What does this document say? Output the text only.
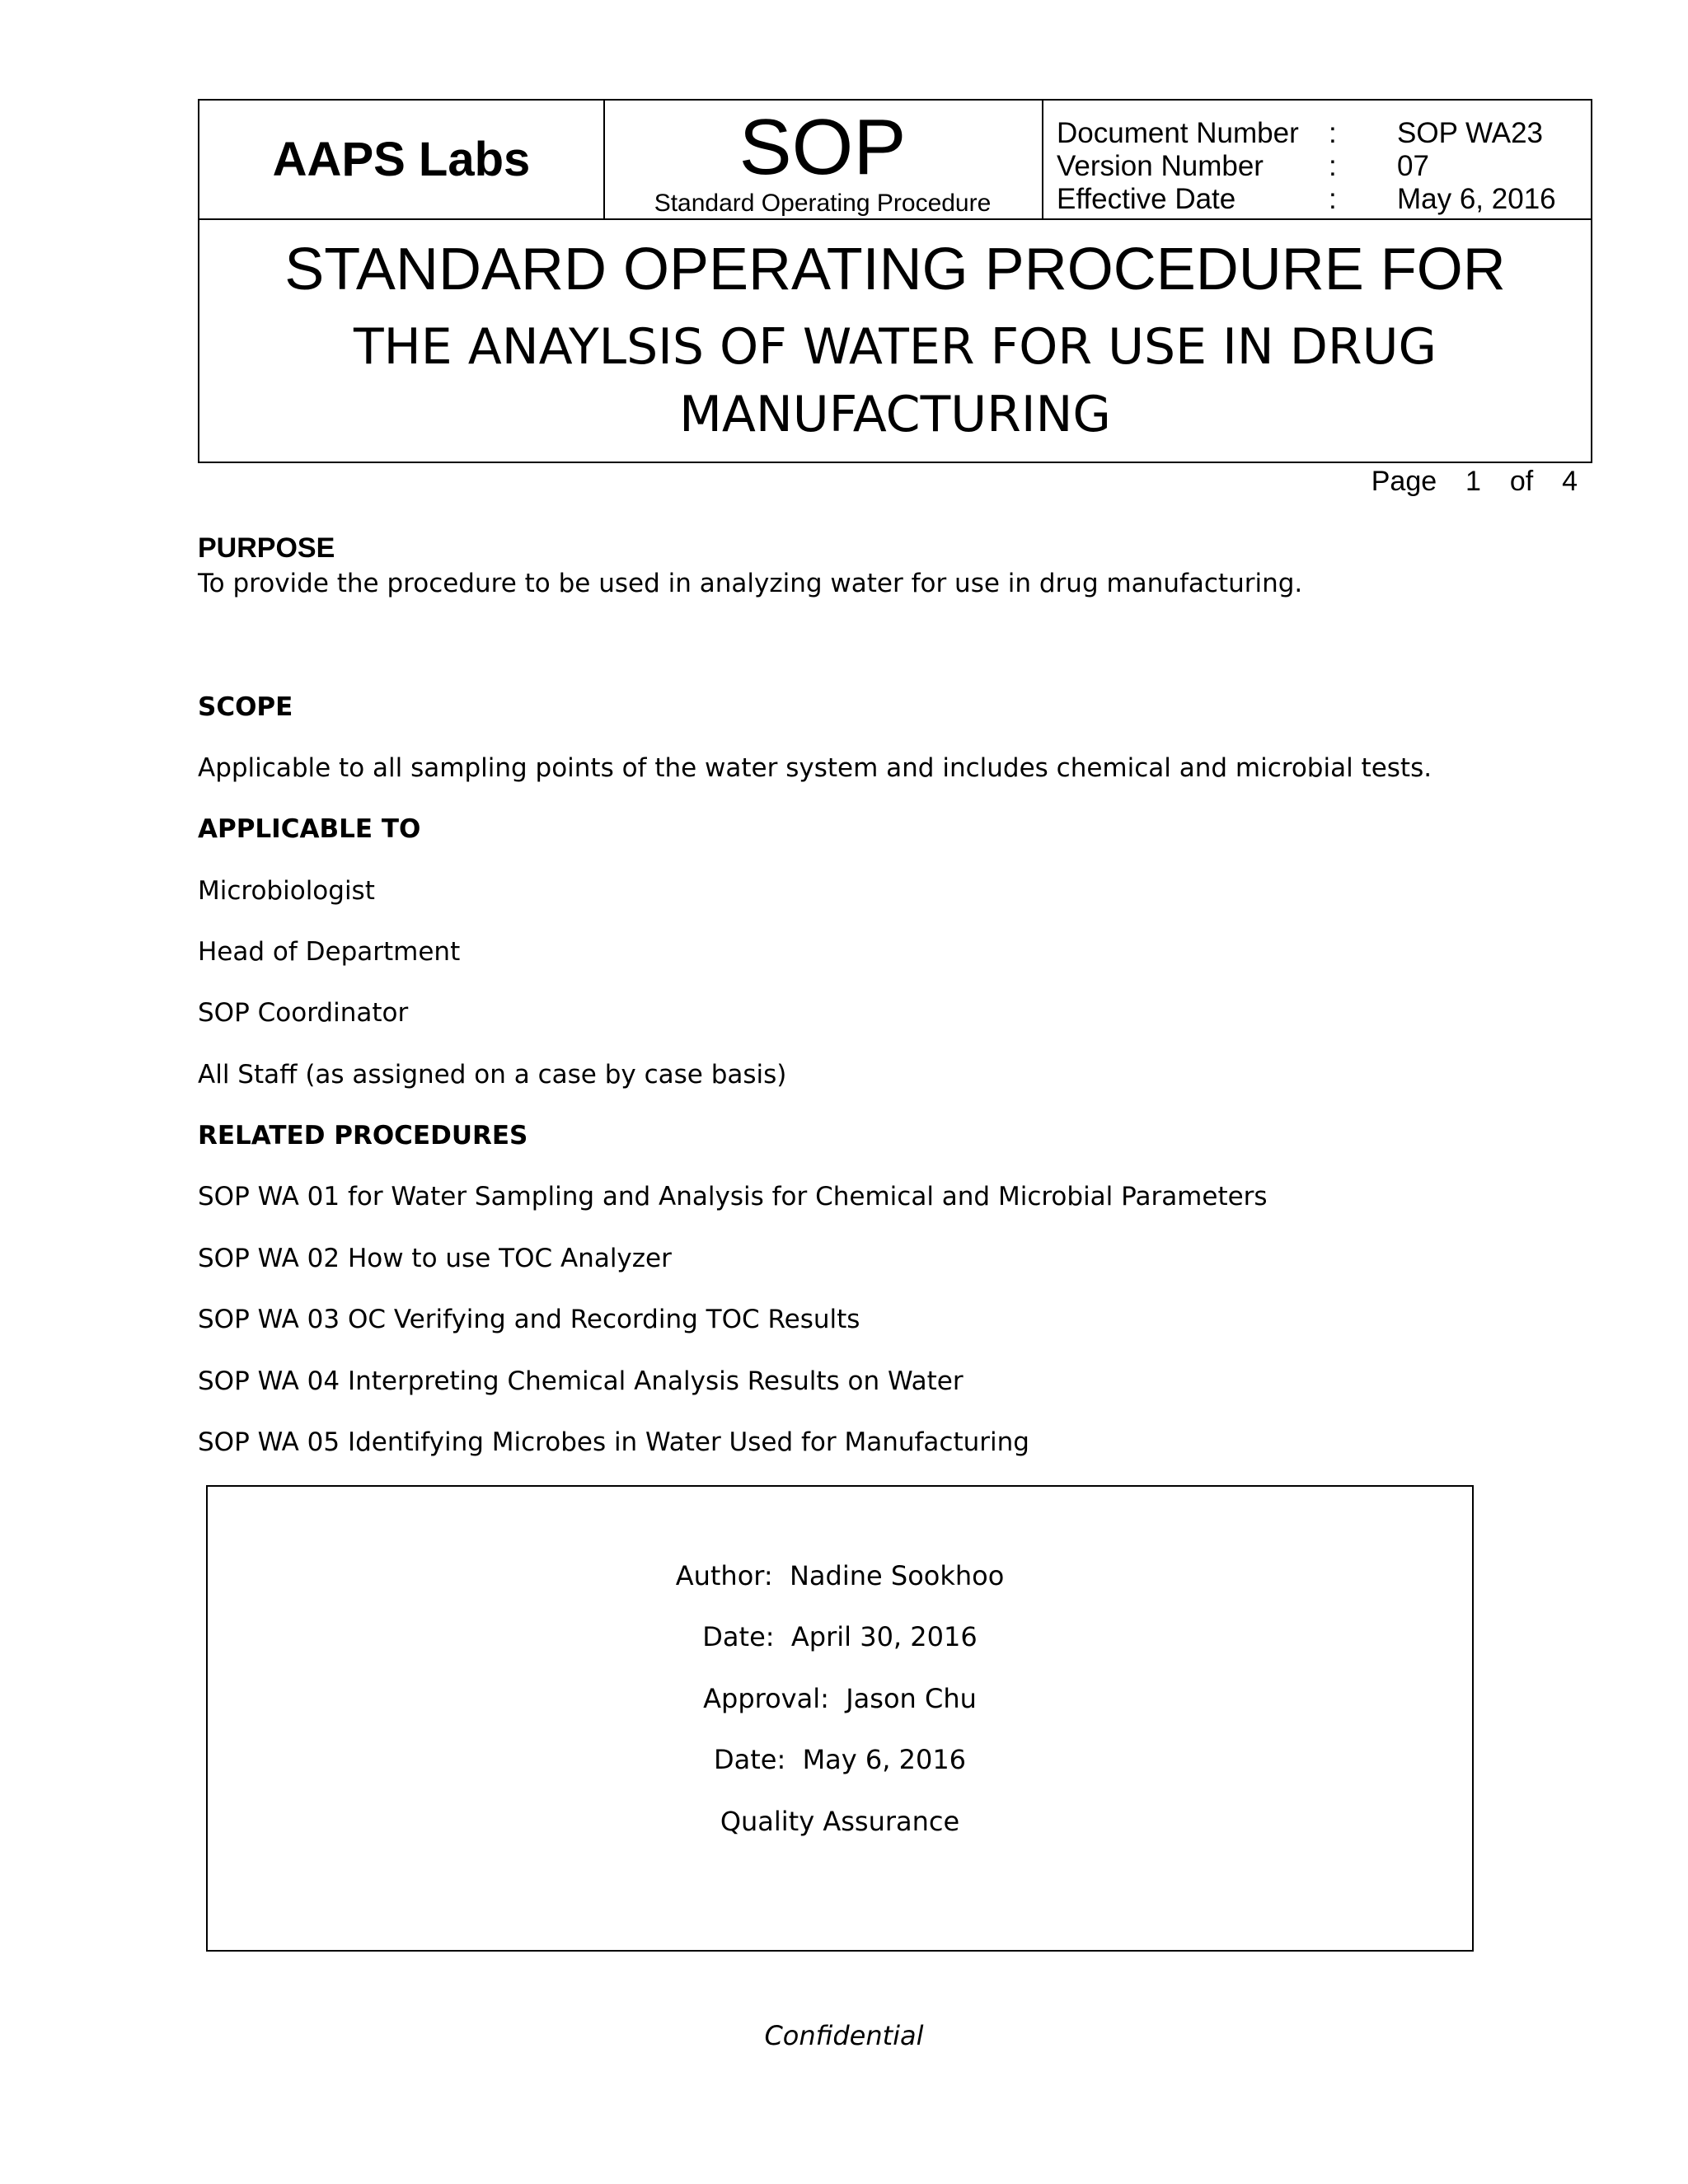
AAPS Labs	SOP
Standard Operating Procedure
Document Number : SOP WA23
Version Number : 07
Effective Date	: May 6, 2016
STANDARD OPERATING PROCEDURE FOR
THE ANAYLSIS OF WATER FOR USE IN DRUG
MANUFACTURING
Page  1  of  4
PURPOSE
To provide the procedure to be used in analyzing water for use in drug manufacturing.
SCOPE
Applicable to all sampling points of the water system and includes chemical and microbial tests.
APPLICABLE TO
Microbiologist
Head of Department
SOP Coordinator
All Staff (as assigned on a case by case basis)
RELATED PROCEDURES
SOP WA 01 for Water Sampling and Analysis for Chemical and Microbial Parameters
SOP WA 02 How to use TOC Analyzer
SOP WA 03 OC Verifying and Recording TOC Results
SOP WA 04 Interpreting Chemical Analysis Results on Water
SOP WA 05 Identifying Microbes in Water Used for Manufacturing
Author:  Nadine Sookhoo
Date:  April 30, 2016
Approval:  Jason Chu
Date:  May 6, 2016
Quality Assurance
Confidential
